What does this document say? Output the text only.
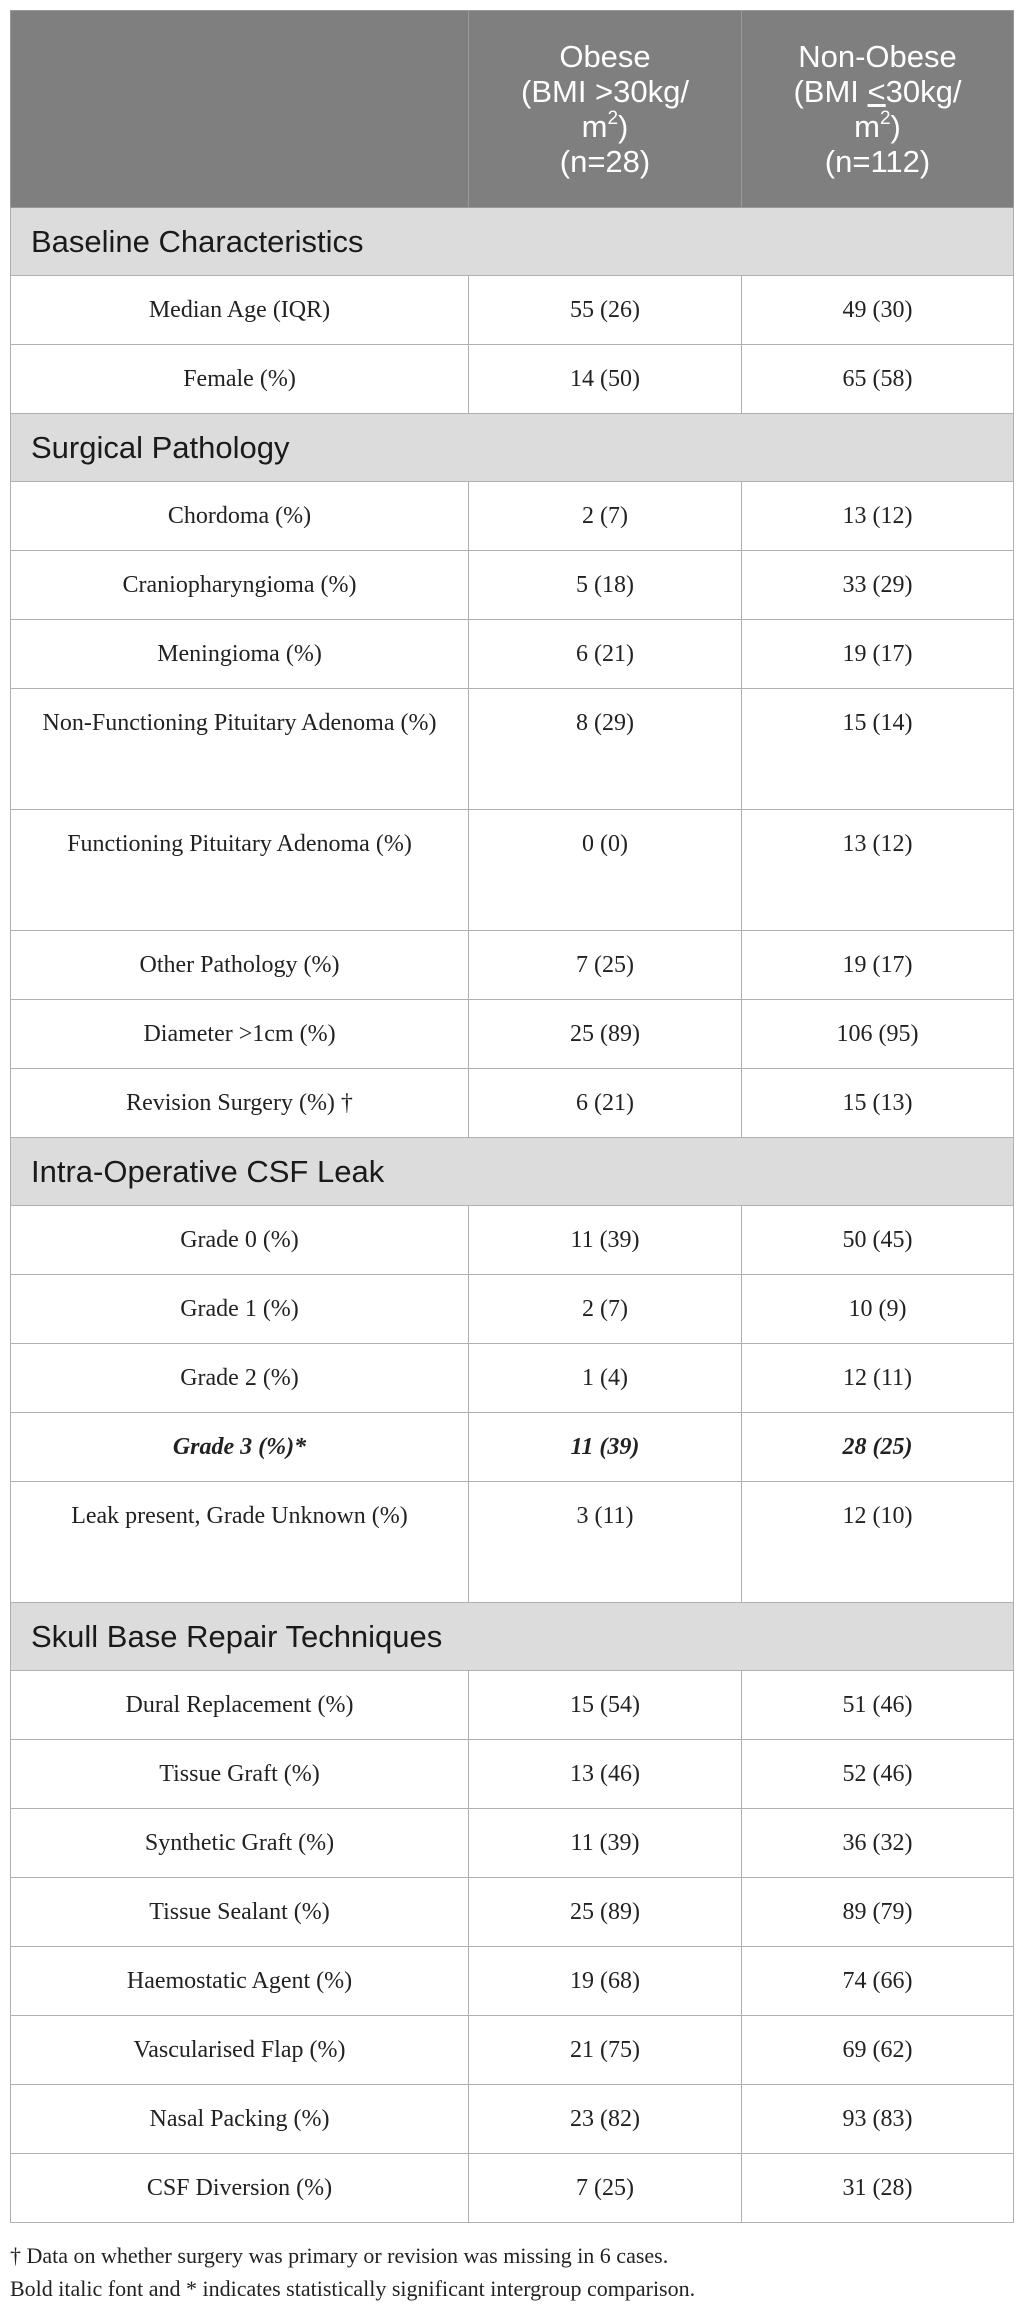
	Obese
(BMI >30kg/
$m^2$)
(n=28)	Non-Obese
(BMI ≤30kg/
$m^2$)
(n=112)

Baseline Characteristics		
Median Age (IQR)	55 (26)	49 (30)
Female (%)	14 (50)	65 (58)
Surgical Pathology		
Chordoma (%)	2 (7)	13 (12)
Craniopharyngioma (%)	5 (18)	33 (29)
Meningioma (%)	6 (21)	19 (17)
Non-Functioning Pituitary Adenoma (%)	8 (29)	15 (14)
Functioning Pituitary Adenoma (%)	0 (0)	13 (12)
Other Pathology (%)	7 (25)	19 (17)
Diameter >1cm (%)	25 (89)	106 (95)
Revision Surgery (%) †	6 (21)	15 (13)
Intra-Operative CSF Leak		
Grade 0 (%)	11 (39)	50 (45)
Grade 1 (%)	2 (7)	10 (9)
Grade 2 (%)	1 (4)	12 (11)
Grade 3 (%)*	11 (39)	28 (25)
Leak present, Grade Unknown (%)	3 (11)	12 (10)
Skull Base Repair Techniques		
Dural Replacement (%)	15 (54)	51 (46)
Tissue Graft (%)	13 (46)	52 (46)
Synthetic Graft (%)	11 (39)	36 (32)
Tissue Sealant (%)	25 (89)	89 (79)
Haemostatic Agent (%)	19 (68)	74 (66)
Vascularised Flap (%)	21 (75)	69 (62)
Nasal Packing (%)	23 (82)	93 (83)
CSF Diversion (%)	7 (25)	31 (28)
† Data on whether surgery was primary or revision was missing in 6 cases.
Bold italic font and * indicates statistically significant intergroup comparison.
